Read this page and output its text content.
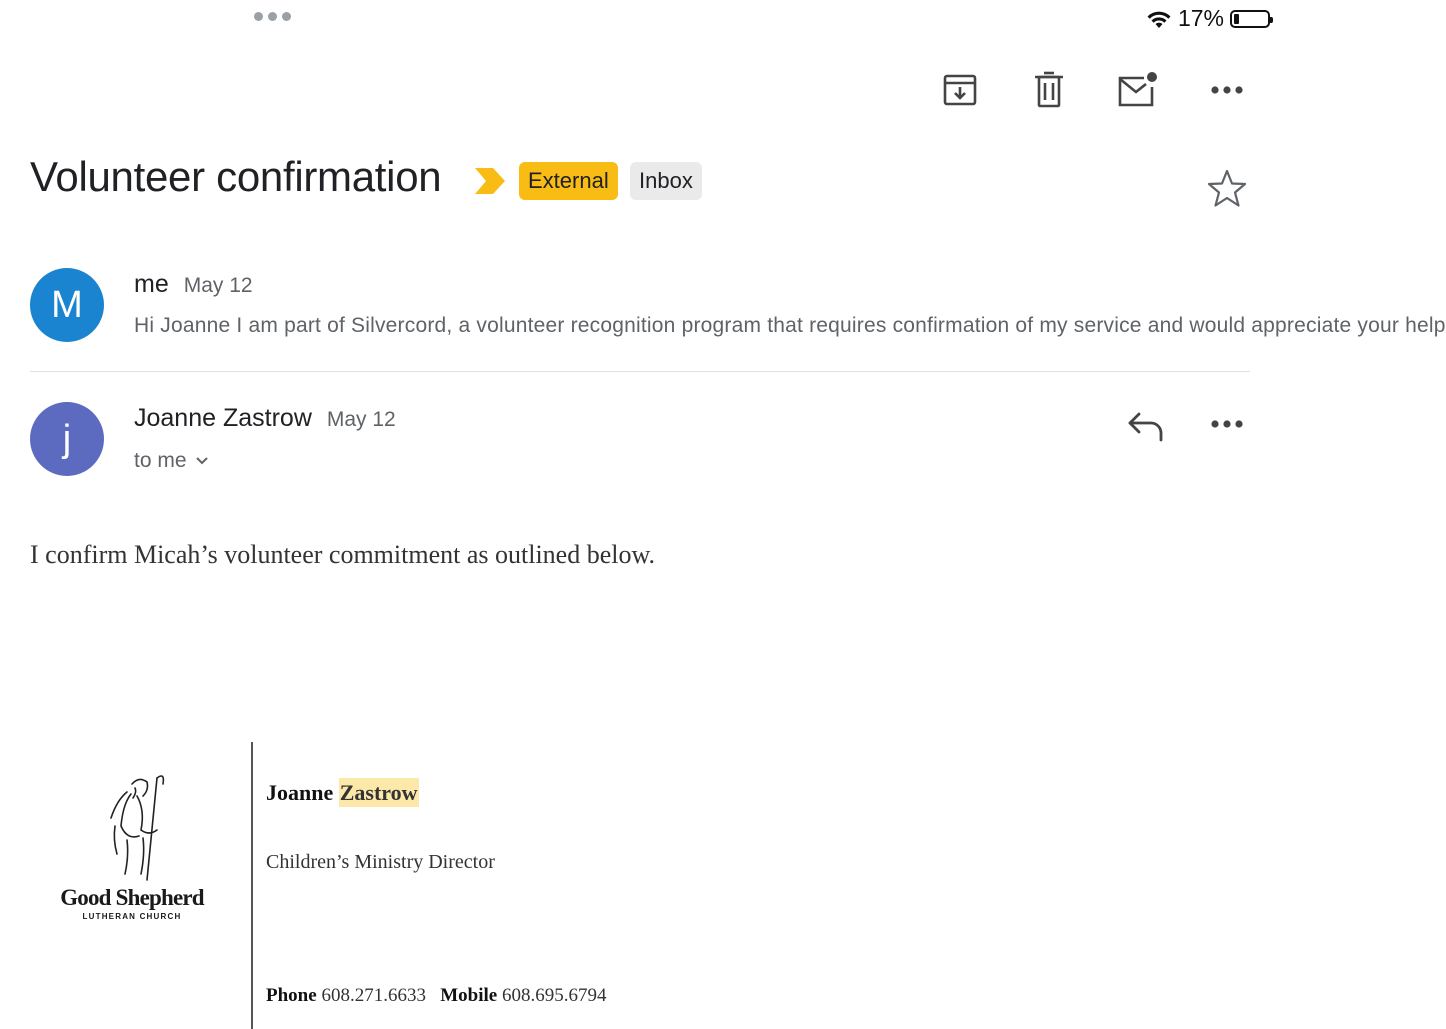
17%
Volunteer confirmation	External	Inbox
M	me May 12
Hi Joanne I am part of Silvercord, a volunteer recognition program that requires confirmation of my service and would appreciate your help
j	Joanne Zastrow May 12
to me
I confirm Micah’s volunteer commitment as outlined below.
Good Shepherd
LUTHERAN CHURCH
Joanne Zastrow
Children’s Ministry Director
Phone 608.271.6633 Mobile 608.695.6794
